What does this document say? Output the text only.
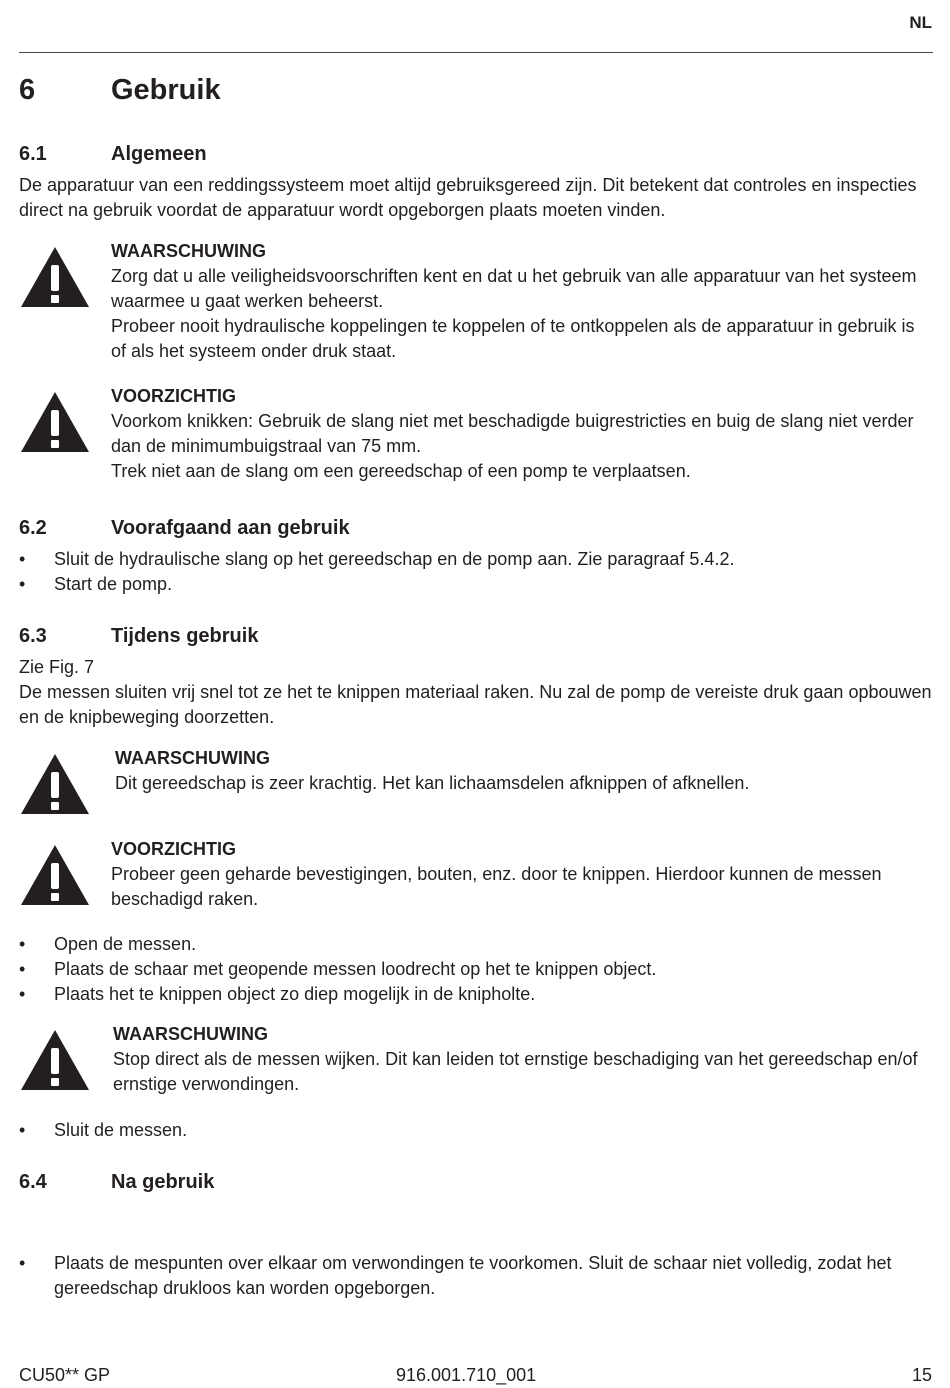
NL
6	Gebruik
6.1	Algemeen

De apparatuur van een reddingssysteem moet altijd gebruiksgereed zijn. Dit betekent dat controles en inspecties direct na gebruik voordat de apparatuur wordt opgeborgen plaats moeten vinden.

WAARSCHUWING

Zorg dat u alle veiligheidsvoorschriften kent en dat u het gebruik van alle apparatuur van het systeem waarmee u gaat werken beheerst.

Probeer nooit hydraulische koppelingen te koppelen of te ontkoppelen als de apparatuur in gebruik is of als het systeem onder druk staat.

VOORZICHTIG

Voorkom knikken: Gebruik de slang niet met beschadigde buigrestricties en buig de slang niet verder dan de minimumbuigstraal van 75 mm.

Trek niet aan de slang om een gereedschap of een pomp te verplaatsen.

6.2	Voorafgaand aan gebruik
• Sluit de hydraulische slang op het gereedschap en de pomp aan. Zie paragraaf 5.4.2.
• Start de pomp.
6.3	Tijdens gebruik

Zie Fig. 7

De messen sluiten vrij snel tot ze het te knippen materiaal raken. Nu zal de pomp de vereiste druk gaan opbouwen en de knipbeweging doorzetten.

WAARSCHUWING

Dit gereedschap is zeer krachtig. Het kan lichaamsdelen afknippen of afknellen.

VOORZICHTIG

Probeer geen geharde bevestigingen, bouten, enz. door te knippen. Hierdoor kunnen de messen beschadigd raken.

• Open de messen.
• Plaats de schaar met geopende messen loodrecht op het te knippen object.
• Plaats het te knippen object zo diep mogelijk in de knipholte.
WAARSCHUWING

Stop direct als de messen wijken. Dit kan leiden tot ernstige beschadiging van het gereedschap en/of ernstige verwondingen.

• Sluit de messen.
6.4	Na gebruik
• Plaats de mespunten over elkaar om verwondingen te voorkomen. Sluit de schaar niet volledig, zodat het gereedschap drukloos kan worden opgeborgen.
CU50** GP	916.001.710_001	15
